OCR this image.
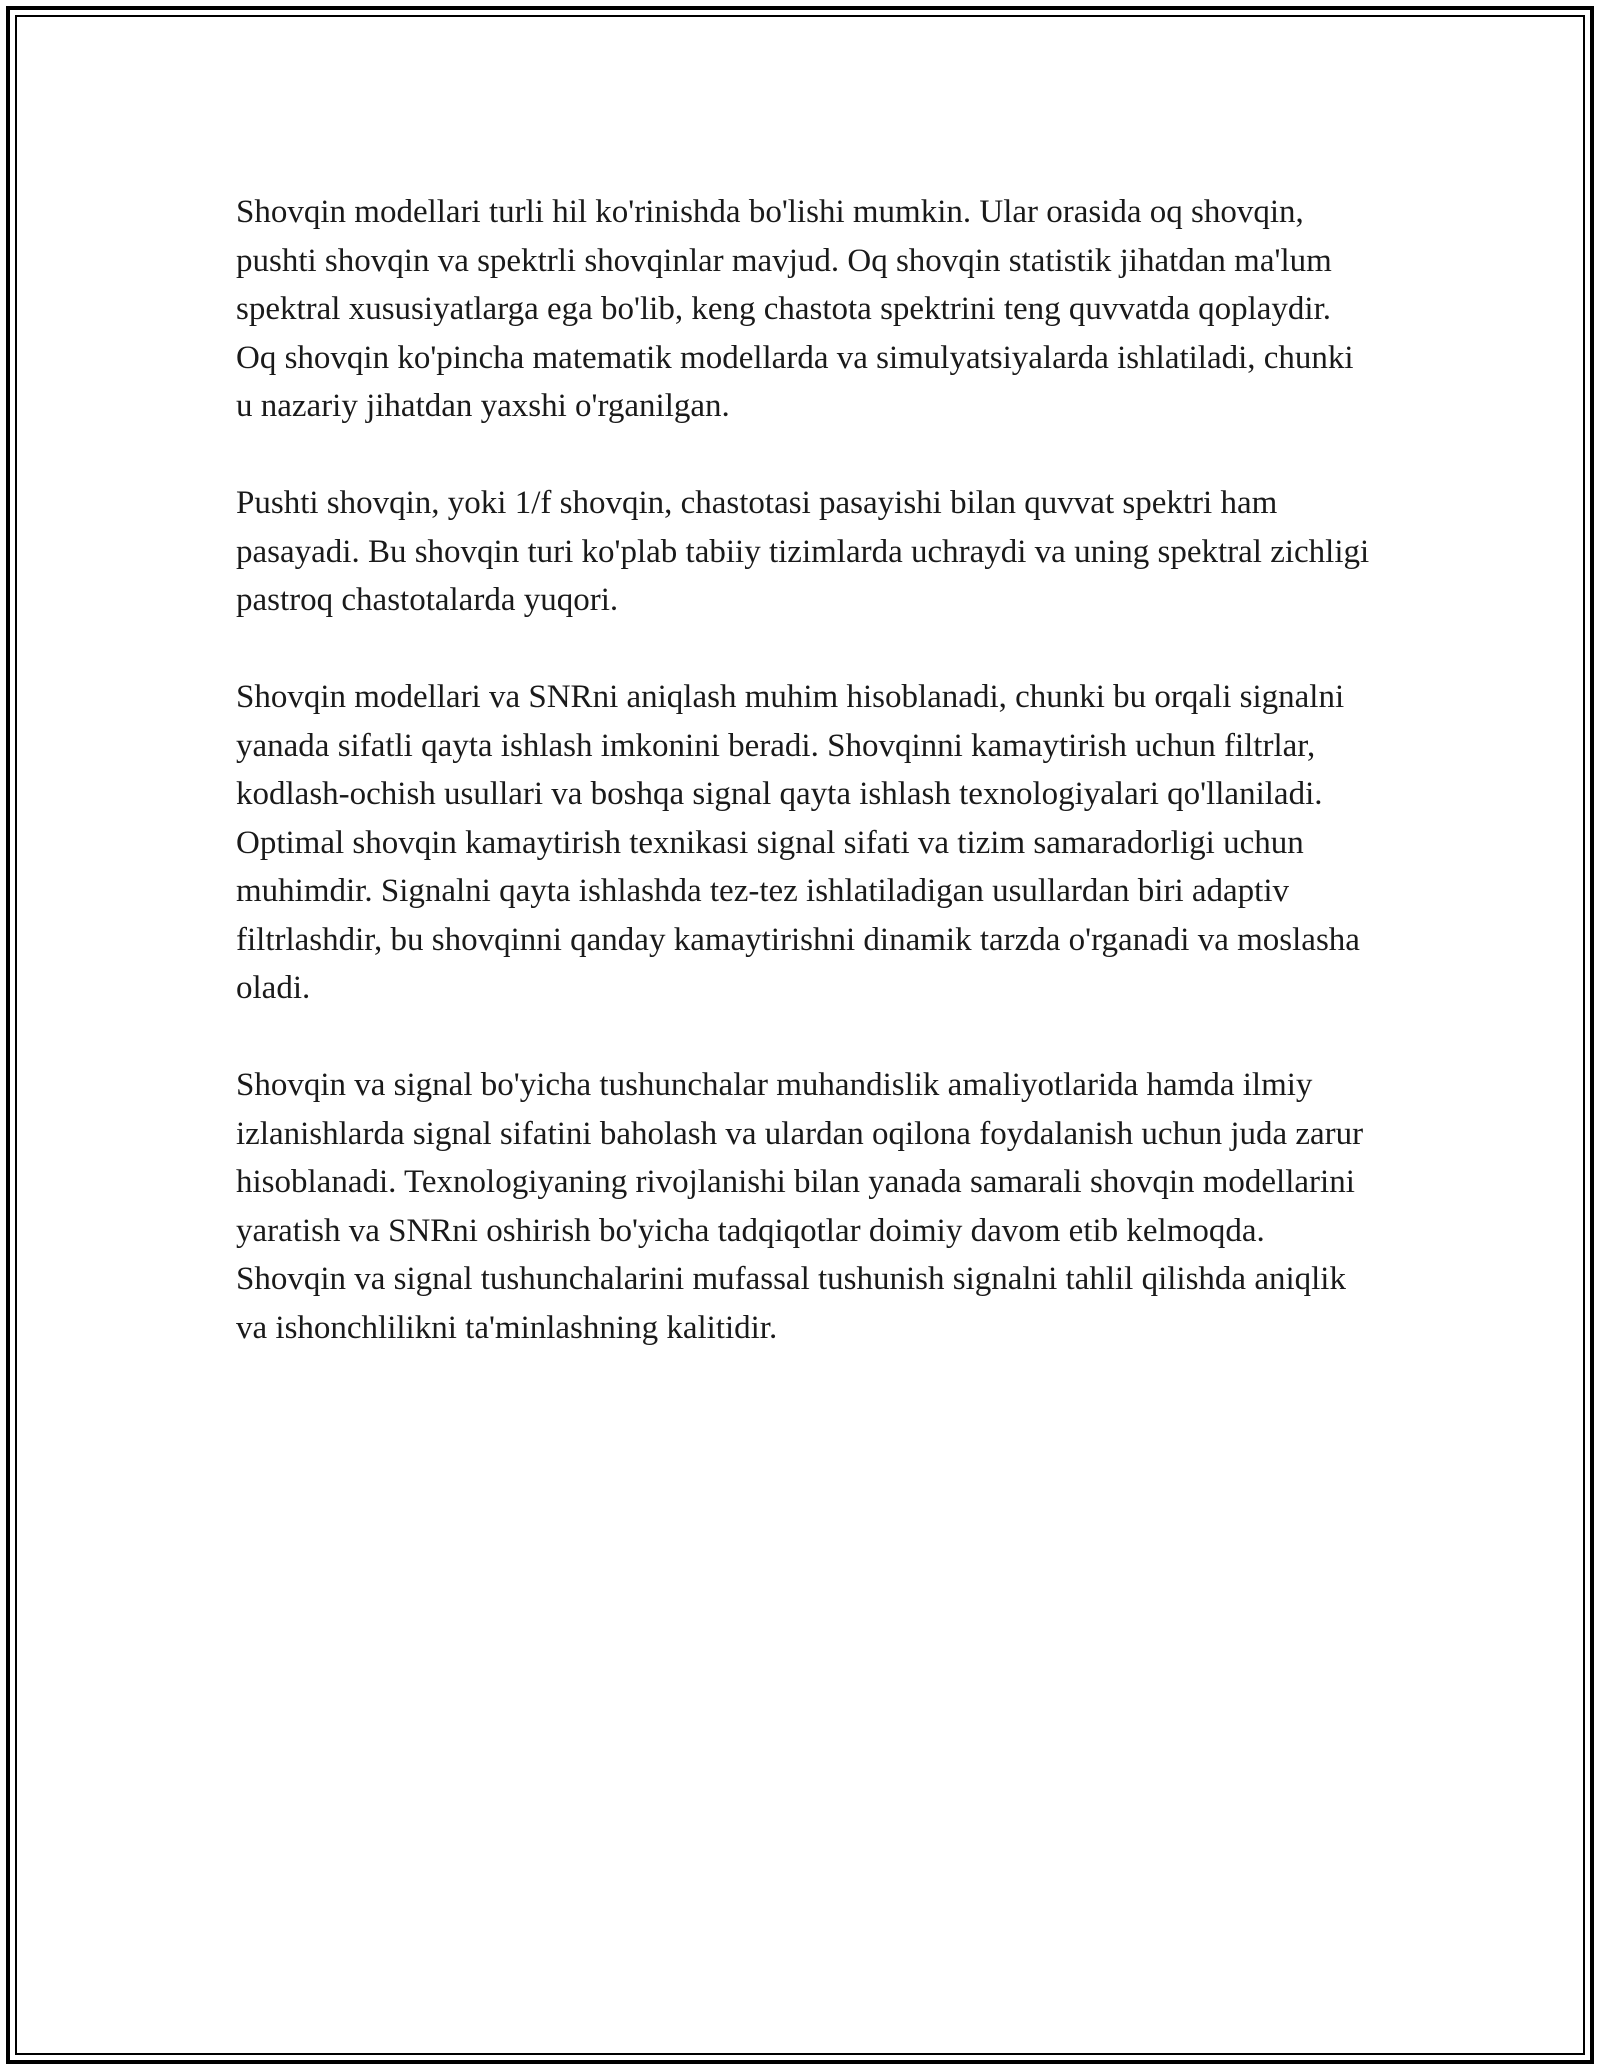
Shovqin modellari turli hil ko'rinishda bo'lishi mumkin. Ular orasida oq shovqin, pushti shovqin va spektrli shovqinlar mavjud. Oq shovqin statistik jihatdan ma'lum spektral xususiyatlarga ega bo'lib, keng chastota spektrini teng quvvatda qoplaydir. Oq shovqin ko'pincha matematik modellarda va simulyatsiyalarda ishlatiladi, chunki u nazariy jihatdan yaxshi o'rganilgan.

Pushti shovqin, yoki 1/f shovqin, chastotasi pasayishi bilan quvvat spektri ham pasayadi. Bu shovqin turi ko'plab tabiiy tizimlarda uchraydi va uning spektral zichligi pastroq chastotalarda yuqori.

Shovqin modellari va SNRni aniqlash muhim hisoblanadi, chunki bu orqali signalni yanada sifatli qayta ishlash imkonini beradi. Shovqinni kamaytirish uchun filtrlar, kodlash-ochish usullari va boshqa signal qayta ishlash texnologiyalari qo'llaniladi. Optimal shovqin kamaytirish texnikasi signal sifati va tizim samaradorligi uchun muhimdir. Signalni qayta ishlashda tez-tez ishlatiladigan usullardan biri adaptiv filtrlashdir, bu shovqinni qanday kamaytirishni dinamik tarzda o'rganadi va moslasha oladi.

Shovqin va signal bo'yicha tushunchalar muhandislik amaliyotlarida hamda ilmiy izlanishlarda signal sifatini baholash va ulardan oqilona foydalanish uchun juda zarur hisoblanadi. Texnologiyaning rivojlanishi bilan yanada samarali shovqin modellarini yaratish va SNRni oshirish bo'yicha tadqiqotlar doimiy davom etib kelmoqda. Shovqin va signal tushunchalarini mufassal tushunish signalni tahlil qilishda aniqlik va ishonchlilikni ta'minlashning kalitidir.
